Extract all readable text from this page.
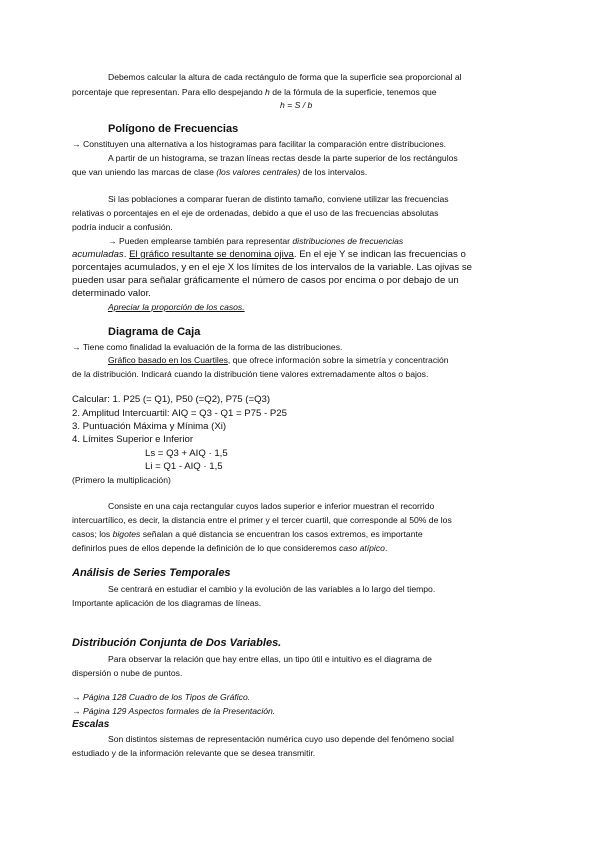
Debemos calcular la altura de cada rectángulo de forma que la superficie sea proporcional al
porcentaje que representan. Para ello despejando h de la fórmula de la superficie, tenemos que
h = S / b
Polígono de Frecuencias
→ Constituyen una alternativa a los histogramas para facilitar la comparación entre distribuciones.
A partir de un histograma, se trazan líneas rectas desde la parte superior de los rectángulos
que van uniendo las marcas de clase (los valores centrales) de los intervalos.
Si las poblaciones a comparar fueran de distinto tamaño, conviene utilizar las frecuencias
relativas o porcentajes en el eje de ordenadas, debido a que el uso de las frecuencias absolutas
podría inducir a confusión.
→ Pueden emplearse también para representar distribuciones de frecuencias
acumuladas. El gráfico resultante se denomina ojiva. En el eje Y se indican las frecuencias o
porcentajes acumulados, y en el eje X los límites de los intervalos de la variable. Las ojivas se
pueden usar para señalar gráficamente el número de casos por encima o por debajo de un
determinado valor.
Apreciar la proporción de los casos.
Diagrama de Caja
→ Tiene como finalidad la evaluación de la forma de las distribuciones.
Gráfico basado en los Cuartiles, que ofrece información sobre la simetría y concentración
de la distribución. Indicará cuando la distribución tiene valores extremadamente altos o bajos.
Calcular: 1. P25 (= Q1), P50 (=Q2), P75 (=Q3)
2. Amplitud Intercuartil: AIQ = Q3 - Q1 = P75 - P25
3. Puntuación Máxima y Mínima (Xi)
4. Límites Superior e Inferior
Ls = Q3 + AIQ · 1,5
Li = Q1 - AIQ · 1,5
(Primero la multiplicación)
Consiste en una caja rectangular cuyos lados superior e inferior muestran el recorrido
intercuartílico, es decir, la distancia entre el primer y el tercer cuartil, que corresponde al 50% de los
casos; los bigotes señalan a qué distancia se encuentran los casos extremos, es importante
definirlos pues de ellos depende la definición de lo que consideremos caso atípico.
Análisis de Series Temporales
Se centrará en estudiar el cambio y la evolución de las variables a lo largo del tiempo.
Importante aplicación de los diagramas de líneas.
Distribución Conjunta de Dos Variables.
Para observar la relación que hay entre ellas, un tipo útil e intuitivo es el diagrama de
dispersión o nube de puntos.
→ Página 128 Cuadro de los Tipos de Gráfico.
→ Página 129 Aspectos formales de la Presentación.
Escalas
Son distintos sistemas de representación numérica cuyo uso depende del fenómeno social
estudiado y de la información relevante que se desea transmitir.
